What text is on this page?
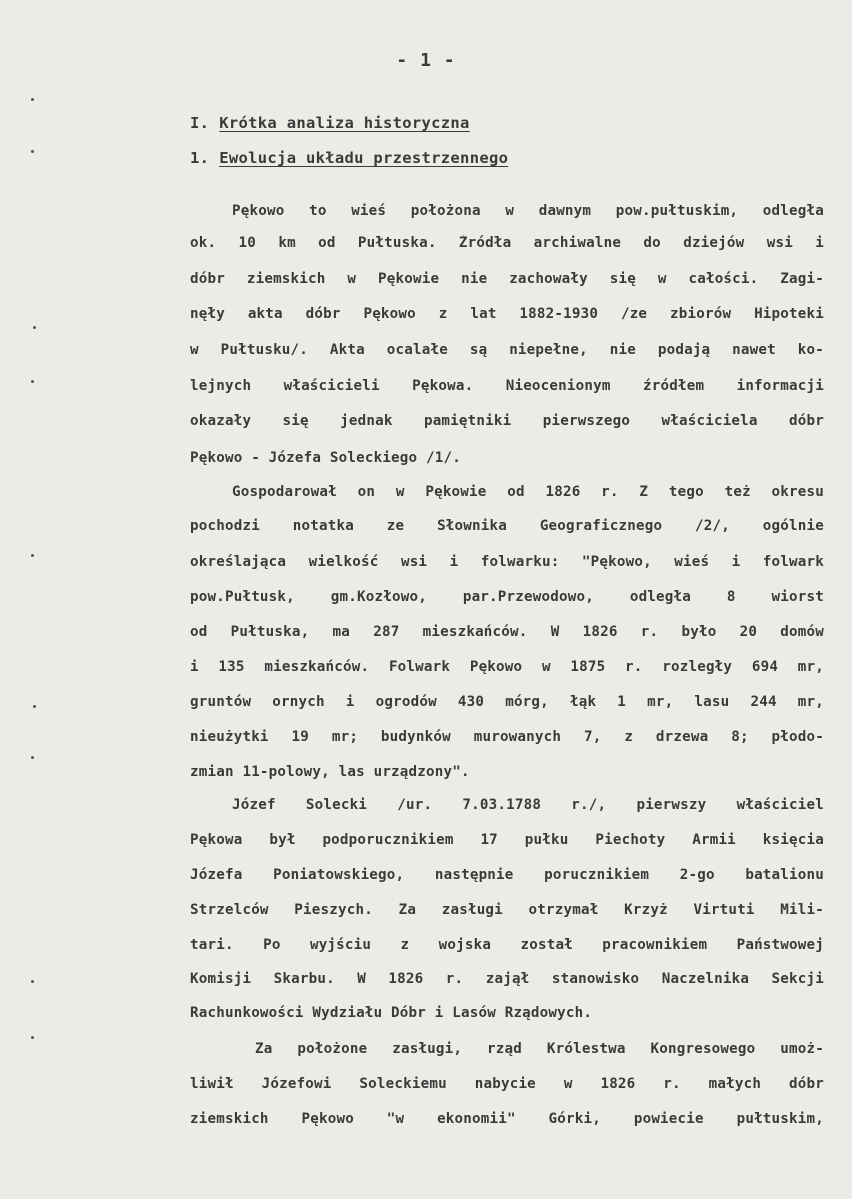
- 1 -
I. Krótka analiza historyczna
1. Ewolucja układu przestrzennego
Pękowo to wieś położona w dawnym pow.pułtuskim, odległa
ok. 10 km od Pułtuska. Źródła archiwalne do dziejów wsi i
dóbr ziemskich w Pękowie nie zachowały się w całości. Zagi-
nęły akta dóbr Pękowo z lat 1882-1930 /ze zbiorów Hipoteki
w Pułtusku/. Akta ocalałe są niepełne, nie podają nawet ko-
lejnych właścicieli Pękowa. Nieocenionym źródłem informacji
okazały się jednak pamiętniki pierwszego właściciela dóbr
Pękowo - Józefa Soleckiego /1/.
Gospodarował on w Pękowie od 1826 r. Z tego też okresu
pochodzi notatka ze Słownika Geograficznego /2/, ogólnie
określająca wielkość wsi i folwarku: "Pękowo, wieś i folwark
pow.Pułtusk, gm.Kozłowo, par.Przewodowo, odległa 8 wiorst
od Pułtuska, ma 287 mieszkańców. W 1826 r. było 20 domów
i 135 mieszkańców. Folwark Pękowo w 1875 r. rozległy 694 mr,
gruntów ornych i ogrodów 430 mórg, łąk 1 mr, lasu 244 mr,
nieużytki 19 mr; budynków murowanych 7, z drzewa 8; płodo-
zmian 11-polowy, las urządzony".
Józef Solecki /ur. 7.03.1788 r./, pierwszy właściciel
Pękowa był podporucznikiem 17 pułku Piechoty Armii księcia
Józefa Poniatowskiego, następnie porucznikiem 2-go batalionu
Strzelców Pieszych. Za zasługi otrzymał Krzyż Virtuti Mili-
tari. Po wyjściu z wojska został pracownikiem Państwowej
Komisji Skarbu. W 1826 r. zajął stanowisko Naczelnika Sekcji
Rachunkowości Wydziału Dóbr i Lasów Rządowych.
Za położone zasługi, rząd Królestwa Kongresowego umoż-
liwił Józefowi Soleckiemu nabycie w 1826 r. małych dóbr
ziemskich Pękowo "w ekonomii" Górki, powiecie pułtuskim,
